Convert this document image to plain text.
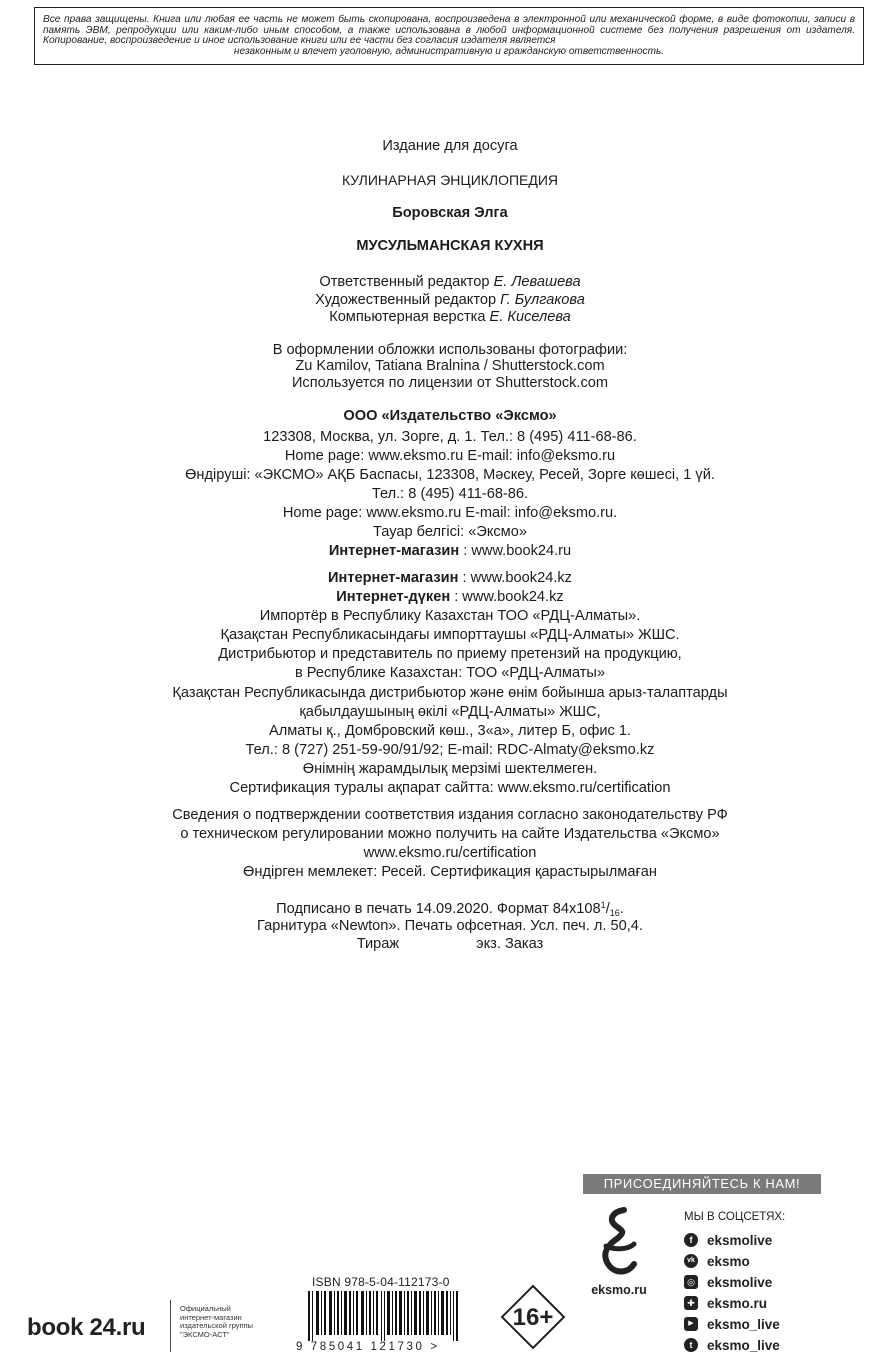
Все права защищены. Книга или любая ее часть не может быть скопирована, воспроизведена в электронной или механической форме, в виде фотокопии, записи в память ЭВМ, репродукции или каким-либо иным способом, а также использована в любой информационной системе без получения разрешения от издателя. Копирование, воспроизведение и иное использование книги или ее части без согласия издателя является
незаконным и влечет уголовную, административную и гражданскую ответственность.
Издание для досуга
КУЛИНАРНАЯ ЭНЦИКЛОПЕДИЯ
Боровская Элга
МУСУЛЬМАНСКАЯ КУХНЯ
Ответственный редактор Е. Левашева
Художественный редактор Г. Булгакова
Компьютерная верстка Е. Киселева
В оформлении обложки использованы фотографии:
Zu Kamilov, Tatiana Bralnina / Shutterstock.com
Используется по лицензии от Shutterstock.com
ООО «Издательство «Эксмо»
123308, Москва, ул. Зорге, д. 1. Тел.: 8 (495) 411-68-86.
Home page: www.eksmo.ru E-mail: info@eksmo.ru
Өндіруші: «ЭКСМО» АҚБ Баспасы, 123308, Мәскеу, Ресей, Зорге көшесі, 1 үй.
Тел.: 8 (495) 411-68-86.
Home page: www.eksmo.ru E-mail: info@eksmo.ru.
Тауар белгісі: «Эксмо»
Интернет-магазин : www.book24.ru
Интернет-магазин : www.book24.kz
Интернет-дүкен : www.book24.kz
Импортёр в Республику Казахстан ТОО «РДЦ-Алматы».
Қазақстан Республикасындағы импорттаушы «РДЦ-Алматы» ЖШС.
Дистрибьютор и представитель по приему претензий на продукцию,
в Республике Казахстан: ТОО «РДЦ-Алматы»
Қазақстан Республикасында дистрибьютор және өнім бойынша арыз-талаптарды
қабылдаушының өкілі «РДЦ-Алматы» ЖШС,
Алматы қ., Домбровский көш., 3«а», литер Б, офис 1.
Тел.: 8 (727) 251-59-90/91/92; E-mail: RDC-Almaty@eksmo.kz
Өнімнің жарамдылық мерзімі шектелмеген.
Сертификация туралы ақпарат сайтта: www.eksmo.ru/certification
Сведения о подтверждении соответствия издания согласно законодательству РФ
о техническом регулировании можно получить на сайте Издательства «Эксмо»
www.eksmo.ru/certification
Өндірген мемлекет: Ресей. Сертификация қарастырылмаған
Подписано в печать 14.09.2020. Формат $84х108^1/_{16}$.
Гарнитура «Newton». Печать офсетная. Усл. печ. л. 50,4.
Тираж                   экз. Заказ
ПРИСОЕДИНЯЙТЕСЬ К НАМ!
eksmo.ru
МЫ В СОЦСЕТЯХ:
f	eksmolive
vk eksmo
◎ eksmolive
✚ eksmo.ru
▶ eksmo_live
t	eksmo_live
book 24.ru
Официальный
интернет-магазин
издательской группы
"ЭКСМО-АСТ"
ISBN 978-5-04-112173-0
9 785041 121730 >
16+
